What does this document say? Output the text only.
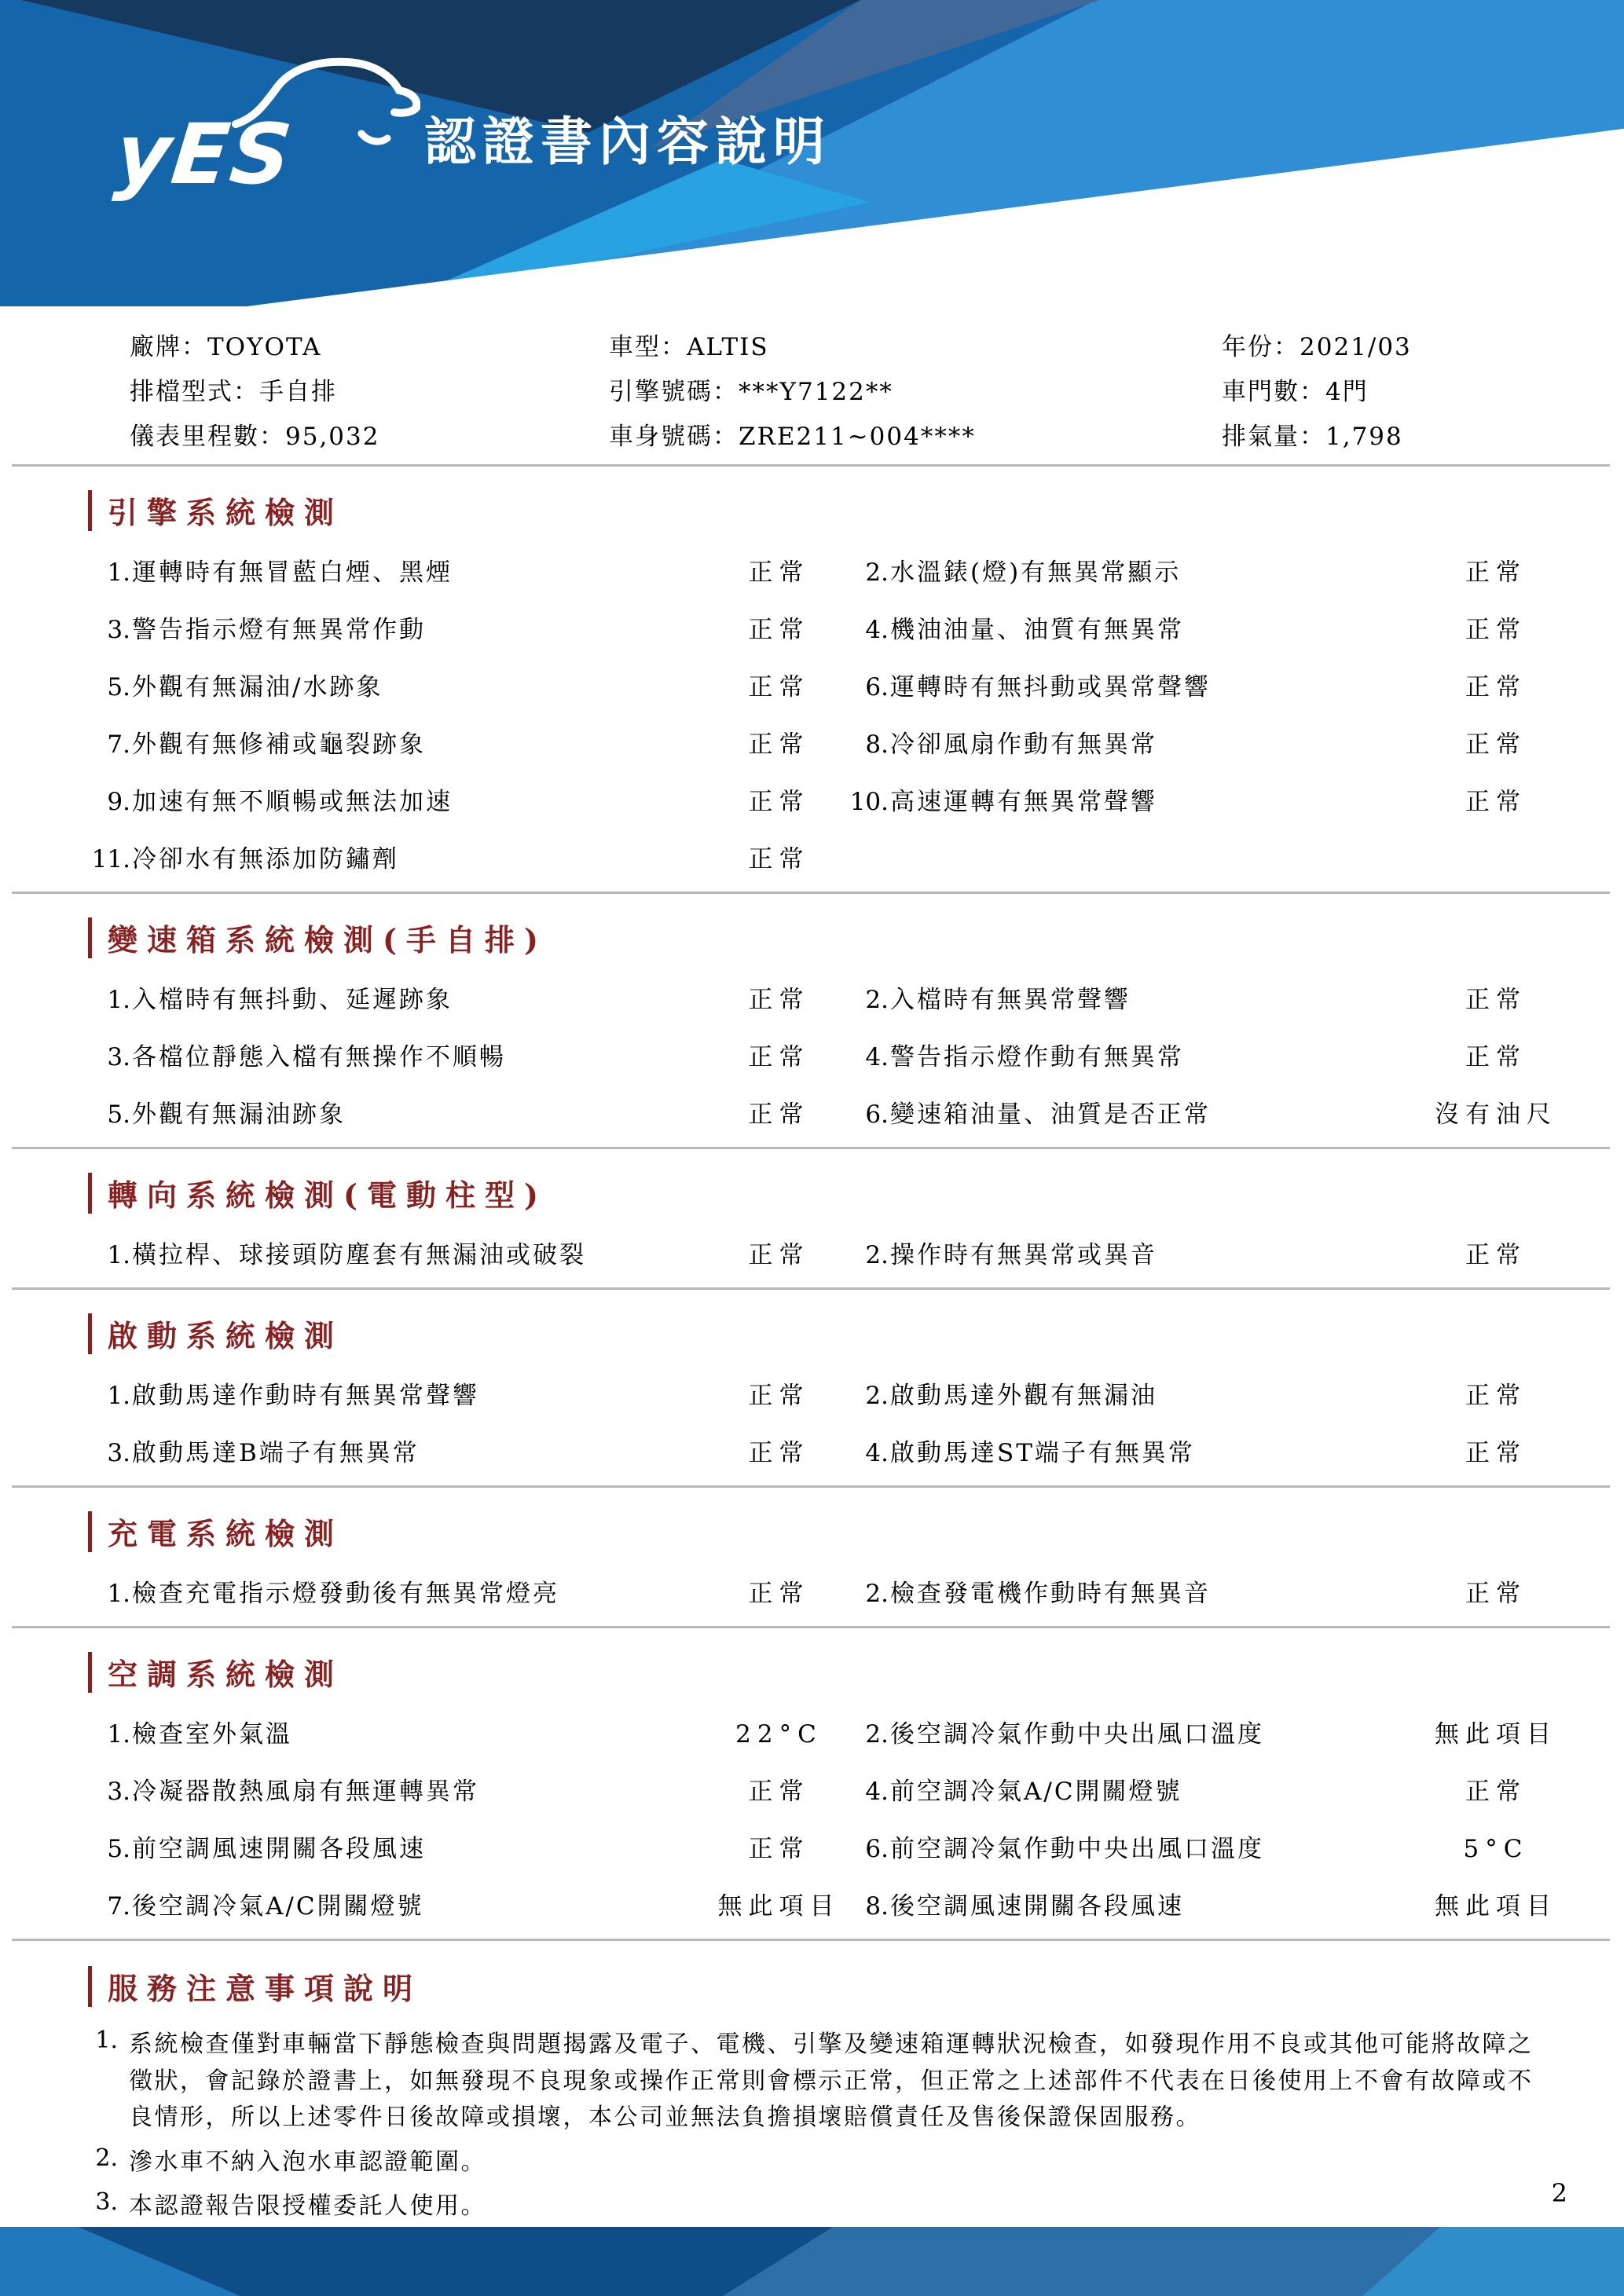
yES 認證書內容說明
廠牌：TOYOTA	車型：ALTIS	年份：2021/03
排檔型式：手自排	引擎號碼：***Y7122**	車門數：4門
儀表里程數：95,032	車身號碼：ZRE211~004****	排氣量：1,798
引擎系統檢測
1. 運轉時有無冒藍白煙、黑煙	正常	2. 水溫錶(燈)有無異常顯示	正常
3. 警告指示燈有無異常作動	正常	4. 機油油量、油質有無異常	正常
5. 外觀有無漏油/水跡象	正常	6. 運轉時有無抖動或異常聲響	正常
7. 外觀有無修補或龜裂跡象	正常	8. 冷卻風扇作動有無異常	正常
9. 加速有無不順暢或無法加速	正常	10. 高速運轉有無異常聲響	正常
11. 冷卻水有無添加防鏽劑	正常
變速箱系統檢測(手自排)
1. 入檔時有無抖動、延遲跡象	正常	2. 入檔時有無異常聲響	正常
3. 各檔位靜態入檔有無操作不順暢	正常	4. 警告指示燈作動有無異常	正常
5. 外觀有無漏油跡象	正常	6. 變速箱油量、油質是否正常	沒有油尺
轉向系統檢測(電動柱型)
1. 橫拉桿、球接頭防塵套有無漏油或破裂	正常	2. 操作時有無異常或異音	正常
啟動系統檢測
1. 啟動馬達作動時有無異常聲響	正常	2. 啟動馬達外觀有無漏油	正常
3. 啟動馬達B端子有無異常	正常	4. 啟動馬達ST端子有無異常	正常
充電系統檢測
1. 檢查充電指示燈發動後有無異常燈亮	正常	2. 檢查發電機作動時有無異音	正常
空調系統檢測
1. 檢查室外氣溫	22°C	2. 後空調冷氣作動中央出風口溫度	無此項目
3. 冷凝器散熱風扇有無運轉異常	正常	4. 前空調冷氣A/C開關燈號	正常
5. 前空調風速開關各段風速	正常	6. 前空調冷氣作動中央出風口溫度	5°C
7. 後空調冷氣A/C開關燈號	無此項目	8. 後空調風速開關各段風速	無此項目
服務注意事項說明
1. 系統檢查僅對車輛當下靜態檢查與問題揭露及電子、電機、引擎及變速箱運轉狀況檢查，如發現作用不良或其他可能將故障之徵狀，會記錄於證書上，如無發現不良現象或操作正常則會標示正常，但正常之上述部件不代表在日後使用上不會有故障或不良情形，所以上述零件日後故障或損壞，本公司並無法負擔損壞賠償責任及售後保證保固服務。
2. 滲水車不納入泡水車認證範圍。
3. 本認證報告限授權委託人使用。	2
